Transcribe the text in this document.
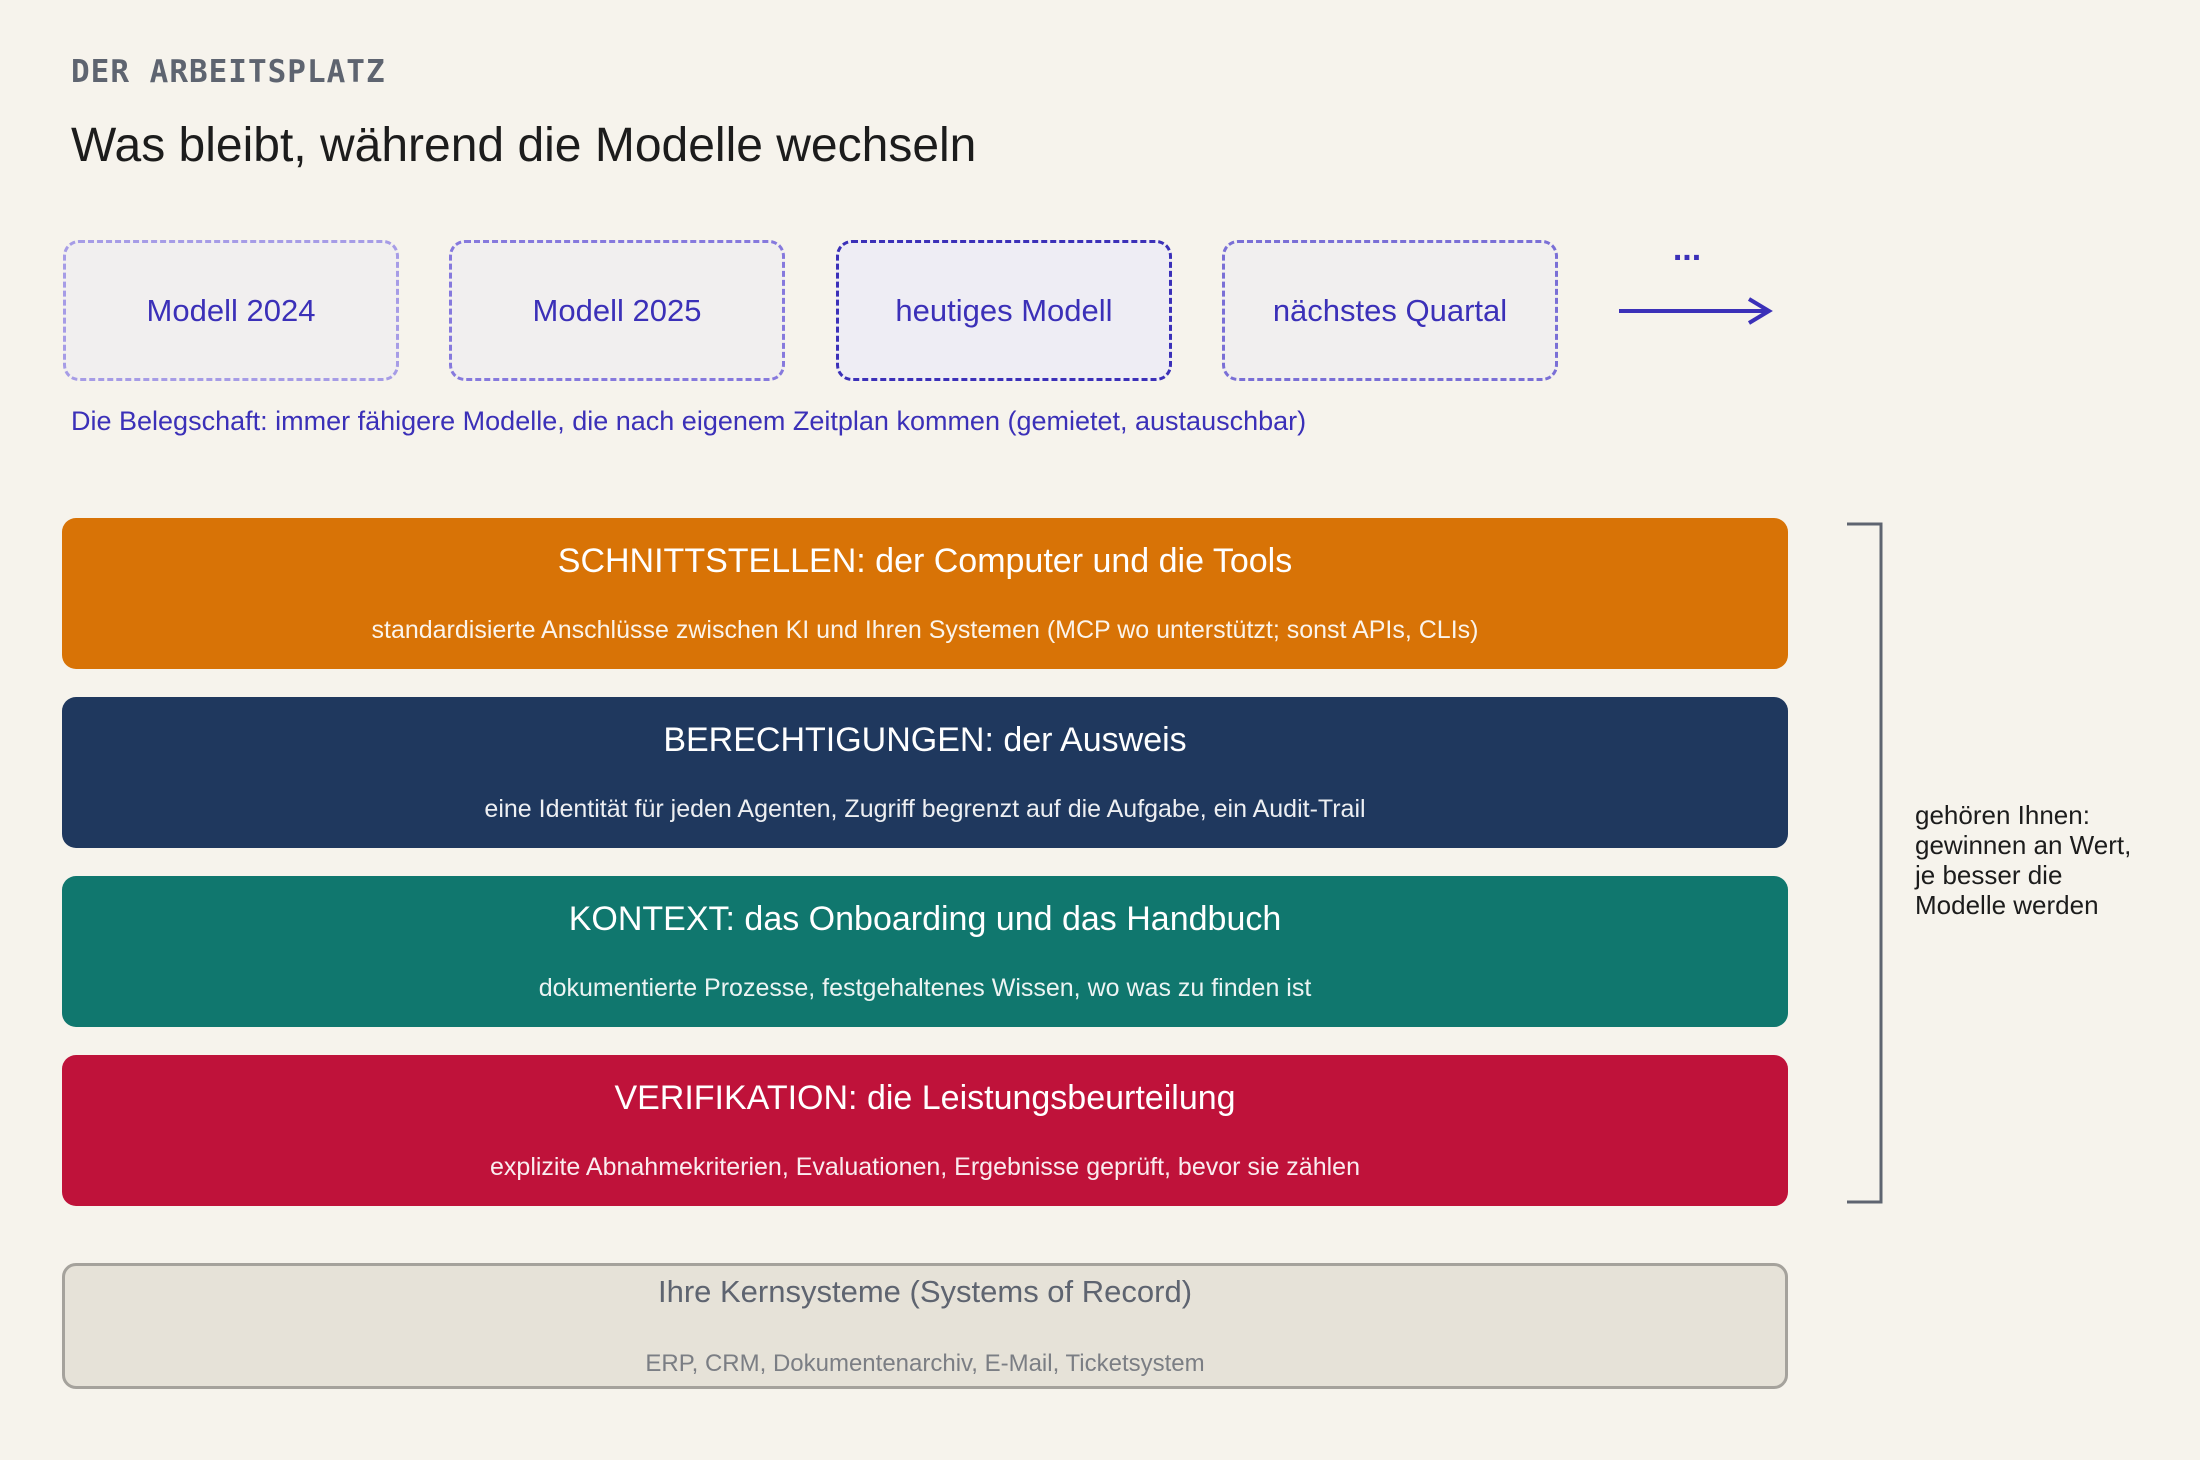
DER ARBEITSPLATZ
Was bleibt, während die Modelle wechseln
Modell 2024	Modell 2025	heutiges Modell	nächstes Quartal
...
Die Belegschaft: immer fähigere Modelle, die nach eigenem Zeitplan kommen (gemietet, austauschbar)
SCHNITTSTELLEN: der Computer und die Tools
standardisierte Anschlüsse zwischen KI und Ihren Systemen (MCP wo unterstützt; sonst APIs, CLIs)
BERECHTIGUNGEN: der Ausweis
eine Identität für jeden Agenten, Zugriff begrenzt auf die Aufgabe, ein Audit-Trail
KONTEXT: das Onboarding und das Handbuch
dokumentierte Prozesse, festgehaltenes Wissen, wo was zu finden ist
VERIFIKATION: die Leistungsbeurteilung
explizite Abnahmekriterien, Evaluationen, Ergebnisse geprüft, bevor sie zählen
gehören Ihnen:
gewinnen an Wert,
je besser die
Modelle werden
Ihre Kernsysteme (Systems of Record)
ERP, CRM, Dokumentenarchiv, E-Mail, Ticketsystem
